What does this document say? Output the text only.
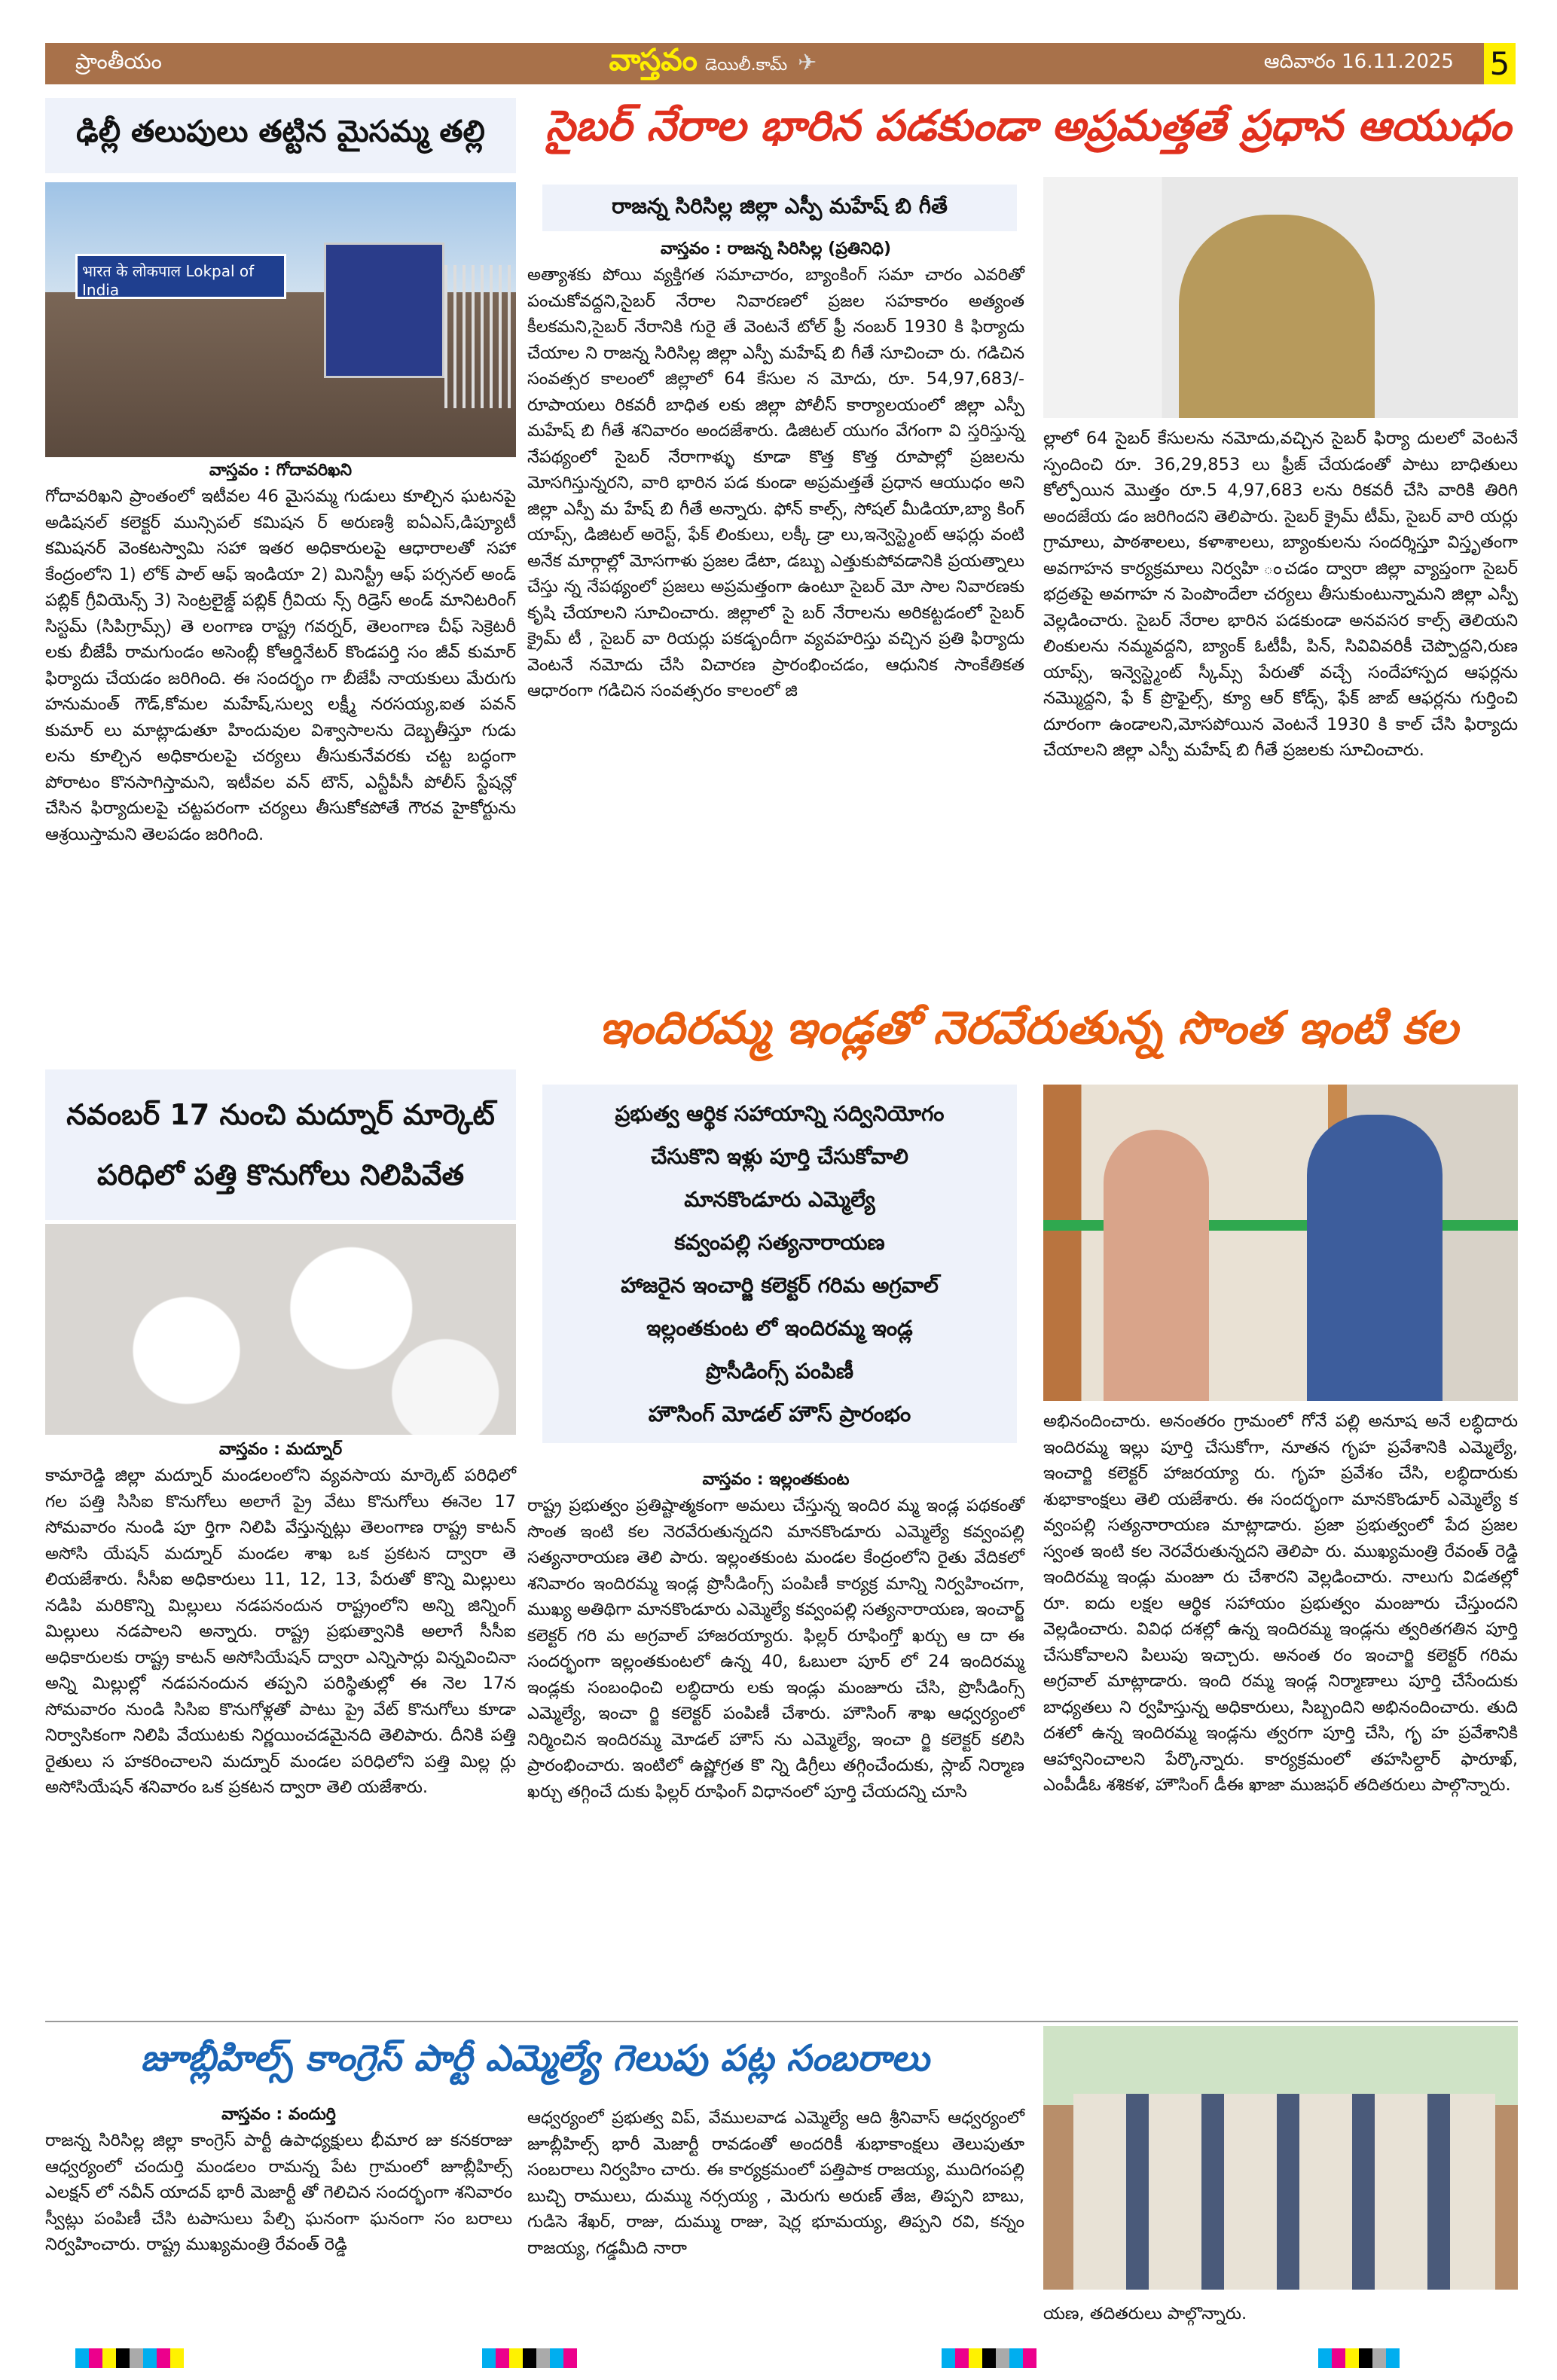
ప్రాంతీయం	వాస్తవం డెయిలీ.కామ్ ✈	ఆదివారం 16.11.2025 5
ఢిల్లీ తలుపులు తట్టిన మైసమ్మ తల్లి
भारत के लोकपाल Lokpal of India
వాస్తవం : గోదావరిఖని
గోదావరిఖని ప్రాంతంలో ఇటీవల 46 మైసమ్మ గుడులు కూల్చిన ఘటనపై అడిషనల్ కలెక్టర్ మున్సిపల్ కమిషన ర్ అరుణశ్రీ ఐఏఎస్,డిప్యూటీ కమిషనర్ వెంకటస్వామి సహా ఇతర అధికారులపై ఆధారాలతో సహా కేంద్రంలోని 1) లోక్ పాల్ ఆఫ్ ఇండియా 2) మినిస్ట్రీ ఆఫ్ పర్సనల్ అండ్ పబ్లిక్ గ్రీవియెన్స్ 3) సెంట్రలైజ్డ్ పబ్లిక్ గ్రీవియ న్స్ రిడ్రెస్ అండ్ మానిటరింగ్ సిస్టమ్ (సిపిగ్రామ్స్) తె లంగాణ రాష్ట్ర గవర్నర్, తెలంగాణ చీఫ్ సెక్రెటరీ లకు బీజేపీ రామగుండం అసెంబ్లీ కోఆర్డినేటర్ కొండపర్తి సం జీవ్ కుమార్ ఫిర్యాదు చేయడం జరిగింది. ఈ సందర్భం గా బీజేపీ నాయకులు మేరుగు హనుమంత్ గౌడ్,కోమల మహేష్,సుల్వ లక్ష్మీ నరసయ్య,ఐత పవన్ కుమార్ లు మాట్లాడుతూ హిందువుల విశ్వాసాలను దెబ్బతీస్తూ గుడు లను కూల్చిన అధికారులపై చర్యలు తీసుకునేవరకు చట్ట బద్ధంగా పోరాటం కొనసాగిస్తామని, ఇటీవల వన్ టౌన్, ఎన్టీపీసీ పోలీస్ స్టేషన్లో చేసిన ఫిర్యాదులపై చట్టపరంగా చర్యలు తీసుకోకపోతే గౌరవ హైకోర్టును ఆశ్రయిస్తామని తెలపడం జరిగింది.
నవంబర్ 17 నుంచి మద్నూర్ మార్కెట్
పరిధిలో పత్తి కొనుగోలు నిలిపివేత
వాస్తవం : మద్నూర్
కామారెడ్డి జిల్లా మద్నూర్ మండలంలోని వ్యవసాయ మార్కెట్ పరిధిలో గల పత్తి సిసిఐ కొనుగోలు అలాగే ప్రై వేటు కొనుగోలు ఈనెల 17 సోమవారం నుండి పూ ర్తిగా నిలిపి వేస్తున్నట్లు తెలంగాణ రాష్ట్ర కాటన్ అసోసి యేషన్ మద్నూర్ మండల శాఖ ఒక ప్రకటన ద్వారా తె లియజేశారు. సీసీఐ అధికారులు 11, 12, 13, పేరుతో కొన్ని మిల్లులు నడిపి మరికొన్ని మిల్లులు నడపనందున రాష్ట్రంలోని అన్ని జిన్నింగ్ మిల్లులు నడపాలని అన్నారు. రాష్ట్ర ప్రభుత్వానికి అలాగే సీసీఐ అధికారులకు రాష్ట్ర కాటన్ అసోసియేషన్ ద్వారా ఎన్నిసార్లు విన్నవించినా అన్ని మిల్లుల్లో నడపనందున తప్పని పరిస్థితుల్లో ఈ నెల 17న సోమవారం నుండి సిసిఐ కొనుగోళ్లతో పాటు ప్రై వేట్ కొనుగోలు కూడా నిర్వాసికంగా నిలిపి వేయుటకు నిర్ణయించడమైనది తెలిపారు. దీనికి పత్తి రైతులు స హకరించాలని మద్నూర్ మండల పరిధిలోని పత్తి మిల్ల ర్లు అసోసియేషన్ శనివారం ఒక ప్రకటన ద్వారా తెలి యజేశారు.
సైబర్ నేరాల భారిన పడకుండా అప్రమత్తతే ప్రధాన ఆయుధం
రాజన్న సిరిసిల్ల జిల్లా ఎస్పీ మహేష్ బి గీతే
వాస్తవం : రాజన్న సిరిసిల్ల (ప్రతినిధి)
అత్యాశకు పోయి వ్యక్తిగత సమాచారం, బ్యాంకింగ్ సమా చారం ఎవరితో పంచుకోవద్దని,సైబర్ నేరాల నివారణలో ప్రజల సహకారం అత్యంత కీలకమని,సైబర్ నేరానికి గురై తే వెంటనే టోల్ ఫ్రీ నంబర్ 1930 కి ఫిర్యాదు చేయాల ని రాజన్న సిరిసిల్ల జిల్లా ఎస్పీ మహేష్ బి గీతే సూచించా రు. గడిచిన సంవత్సర కాలంలో జిల్లాలో 64 కేసుల న మోదు, రూ. 54,97,683/- రూపాయలు రికవరీ బాధిత లకు జిల్లా పోలీస్ కార్యాలయంలో జిల్లా ఎస్పీ మహేష్ బి గీతే శనివారం అందజేశారు. డిజిటల్ యుగం వేగంగా వి స్తరిస్తున్న నేపథ్యంలో సైబర్ నేరాగాళ్ళు కూడా కొత్త కొత్త రూపాల్లో ప్రజలను మోసగిస్తున్నరని, వారి భారిన పడ కుండా అప్రమత్తతే ప్రధాన ఆయుధం అని జిల్లా ఎస్పీ మ హేష్ బి గీతే అన్నారు. ఫోన్ కాల్స్, సోషల్ మీడియా,బ్యా కింగ్ యాప్స్, డిజిటల్ అరెస్ట్, ఫేక్ లింకులు, లక్కీ డ్రా లు,ఇన్వెస్ట్మెంట్ ఆఫర్లు వంటి అనేక మార్గాల్లో మోసగాళు ప్రజల డేటా, డబ్బు ఎత్తుకుపోవడానికి ప్రయత్నాలు చేస్తు న్న నేపథ్యంలో ప్రజలు అప్రమత్తంగా ఉంటూ సైబర్ మో సాల నివారణకు కృషి చేయాలని సూచించారు. జిల్లాలో సై బర్ నేరాలను అరికట్టడంలో సైబర్ క్రైమ్ టీ , సైబర్ వా రియర్లు పకడ్బందీగా వ్యవహరిస్తు వచ్చిన ప్రతి ఫిర్యాదు వెంటనే నమోదు చేసి విచారణ ప్రారంభించడం, ఆధునిక సాంకేతికత ఆధారంగా గడిచిన సంవత్సరం కాలంలో జి
ల్లాలో 64 సైబర్ కేసులను నమోదు,వచ్చిన సైబర్ ఫిర్యా దులలో వెంటనే స్పందించి రూ. 36,29,853 లు ఫ్రీజ్ చేయడంతో పాటు బాధితులు కోల్పోయిన మొత్తం రూ.5 4,97,683 లను రికవరీ చేసి వారికి తిరిగి అందజేయ డం జరిగిందని తెలిపారు. సైబర్ క్రైమ్ టీమ్, సైబర్ వారి యర్లు గ్రామాలు, పాఠశాలలు, కళాశాలలు, బ్యాంకులను సందర్శిస్తూ విస్తృతంగా అవగాహన కార్యక్రమాలు నిర్వహి ంచడం ద్వారా జిల్లా వ్యాప్తంగా సైబర్ భద్రతపై అవగాహ న పెంపొందేలా చర్యలు తీసుకుంటున్నామని జిల్లా ఎస్పీ వెల్లడించారు. సైబర్ నేరాల భారిన పడకుండా అనవసర కాల్స్ తెలియని లింకులను నమ్మవద్దని, బ్యాంక్ ఓటీపీ, పిన్, సివివివరికీ చెప్పొద్దని,రుణ యాప్స్, ఇన్వెస్ట్మెంట్ స్కీమ్స్ పేరుతో వచ్చే సందేహాస్పద ఆఫర్లను నమ్మొద్దని, ఫే క్ ప్రొఫైల్స్, క్యూ ఆర్ కోడ్స్, ఫేక్ జాబ్ ఆఫర్లను గుర్తించి దూరంగా ఉండాలని,మోసపోయిన వెంటనే 1930 కి కాల్ చేసి ఫిర్యాదు చేయాలని జిల్లా ఎస్పీ మహేష్ బి గీతే ప్రజలకు సూచించారు.
ఇందిరమ్మ ఇండ్లతో నెరవేరుతున్న సొంత ఇంటి కల
ప్రభుత్వ ఆర్థిక సహాయాన్ని సద్వినియోగం
చేసుకొని ఇళ్లు పూర్తి చేసుకోవాలి
మానకొండూరు ఎమ్మెల్యే
కవ్వంపల్లి సత్యనారాయణ
హాజరైన ఇంచార్జి కలెక్టర్ గరిమ అగ్రవాల్
ఇల్లంతకుంట లో ఇందిరమ్మ ఇండ్ల
ప్రొసీడింగ్స్ పంపిణీ
హౌసింగ్ మోడల్ హౌస్ ప్రారంభం
వాస్తవం : ఇల్లంతకుంట
రాష్ట్ర ప్రభుత్వం ప్రతిష్టాత్మకంగా అమలు చేస్తున్న ఇందిర మ్మ ఇండ్ల పథకంతో సొంత ఇంటి కల నెరవేరుతున్నదని మానకొండూరు ఎమ్మెల్యే కవ్వంపల్లి సత్యనారాయణ తెలి పారు. ఇల్లంతకుంట మండల కేంద్రంలోని రైతు వేదికలో శనివారం ఇందిరమ్మ ఇండ్ల ప్రొసీడింగ్స్ పంపిణీ కార్యక్ర మాన్ని నిర్వహించగా, ముఖ్య అతిథిగా మానకొండూరు ఎమ్మెల్యే కవ్వంపల్లి సత్యనారాయణ, ఇంచార్జ్ కలెక్టర్ గరి మ అగ్రవాల్ హాజరయ్యారు. ఫిల్లర్ రూఫింగ్తో ఖర్చు ఆ దా ఈ సందర్భంగా ఇల్లంతకుంటలో ఉన్న 40, ఓబులా పూర్ లో 24 ఇందిరమ్మ ఇండ్లకు సంబంధించి లబ్ధిదారు లకు ఇండ్లు మంజూరు చేసి, ప్రొసీడింగ్స్ ఎమ్మెల్యే, ఇంచా ర్జి కలెక్టర్ పంపిణీ చేశారు. హౌసింగ్ శాఖ ఆధ్వర్యంలో నిర్మించిన ఇందిరమ్మ మోడల్ హౌస్ ను ఎమ్మెల్యే, ఇంచా ర్జి కలెక్టర్ కలిసి ప్రారంభించారు. ఇంటిలో ఉష్ణోగ్రత కొ న్ని డిగ్రీలు తగ్గించేందుకు, స్లాబ్ నిర్మాణ ఖర్చు తగ్గించే దుకు ఫిల్లర్ రూఫింగ్ విధానంలో పూర్తి చేయదన్ని చూసి
అభినందించారు. అనంతరం గ్రామంలో గోనే పల్లి అనూష అనే లబ్ధిదారు ఇందిరమ్మ ఇల్లు పూర్తి చేసుకోగా, నూతన గృహ ప్రవేశానికి ఎమ్మెల్యే, ఇంచార్జి కలెక్టర్ హాజరయ్యా రు. గృహ ప్రవేశం చేసి, లబ్ధిదారుకు శుభాకాంక్షలు తెలి యజేశారు. ఈ సందర్భంగా మానకొండూర్ ఎమ్మెల్యే క వ్వంపల్లి సత్యనారాయణ మాట్లాడారు. ప్రజా ప్రభుత్వంలో పేద ప్రజల స్వంత ఇంటి కల నెరవేరుతున్నదని తెలిపా రు. ముఖ్యమంత్రి రేవంత్ రెడ్డి ఇందిరమ్మ ఇండ్లు మంజూ రు చేశారని వెల్లడించారు. నాలుగు విడతల్లో రూ. ఐదు లక్షల ఆర్థిక సహాయం ప్రభుత్వం మంజూరు చేస్తుందని వెల్లడించారు. వివిధ దశల్లో ఉన్న ఇందిరమ్మ ఇండ్లను త్వరితగతిన పూర్తి చేసుకోవాలని పిలుపు ఇచ్చారు. అనంత రం ఇంచార్జి కలెక్టర్ గరిమ అగ్రవాల్ మాట్లాడారు. ఇంది రమ్మ ఇండ్ల నిర్మాణాలు పూర్తి చేసేందుకు బాధ్యతలు ని ర్వహిస్తున్న అధికారులు, సిబ్బందిని అభినందించారు. తుది దశలో ఉన్న ఇందిరమ్మ ఇండ్లను త్వరగా పూర్తి చేసి, గృ హ ప్రవేశానికి ఆహ్వానించాలని పేర్కొన్నారు. కార్యక్రమంలో తహసిల్దార్ ఫారూఖ్, ఎంపీడీఓ శశికళ, హౌసింగ్ డీఈ ఖాజా ముజఫర్ తదితరులు పాల్గొన్నారు.
జూబ్లీహిల్స్ కాంగ్రెస్ పార్టీ ఎమ్మెల్యే గెలుపు పట్ల సంబరాలు
వాస్తవం : వందుర్తి
రాజన్న సిరిసిల్ల జిల్లా కాంగ్రెస్ పార్టీ ఉపాధ్యక్షులు భీమార జు కనకరాజు ఆధ్వర్యంలో చందుర్తి మండలం రామన్న పేట గ్రామంలో జూబ్లీహిల్స్ ఎలక్షన్ లో నవీన్ యాదవ్ భారీ మెజార్టీ తో గెలిచిన సందర్భంగా శనివారం స్వీట్లు పంపిణీ చేసి టపాసులు పేల్చి ఘనంగా ఘనంగా సం బరాలు నిర్వహించారు. రాష్ట్ర ముఖ్యమంత్రి రేవంత్ రెడ్డి
ఆధ్వర్యంలో ప్రభుత్వ విప్, వేములవాడ ఎమ్మెల్యే ఆది శ్రీనివాస్ ఆధ్వర్యంలో జూబ్లీహిల్స్ భారీ మెజార్టీ రావడంతో అందరికీ శుభాకాంక్షలు తెలుపుతూ సంబరాలు నిర్వహిం చారు. ఈ కార్యక్రమంలో పత్తిపాక రాజయ్య, ముదిగంపల్లి బుచ్చి రాములు, దుమ్ము నర్సయ్య , మెరుగు అరుణ్ తేజ, తిప్పని బాబు, గుడిసె శేఖర్, రాజు, దుమ్ము రాజు, షెర్ల భూమయ్య, తిప్పని రవి, కన్నం రాజయ్య, గడ్డమీది నారా
యణ, తదితరులు పాల్గొన్నారు.
